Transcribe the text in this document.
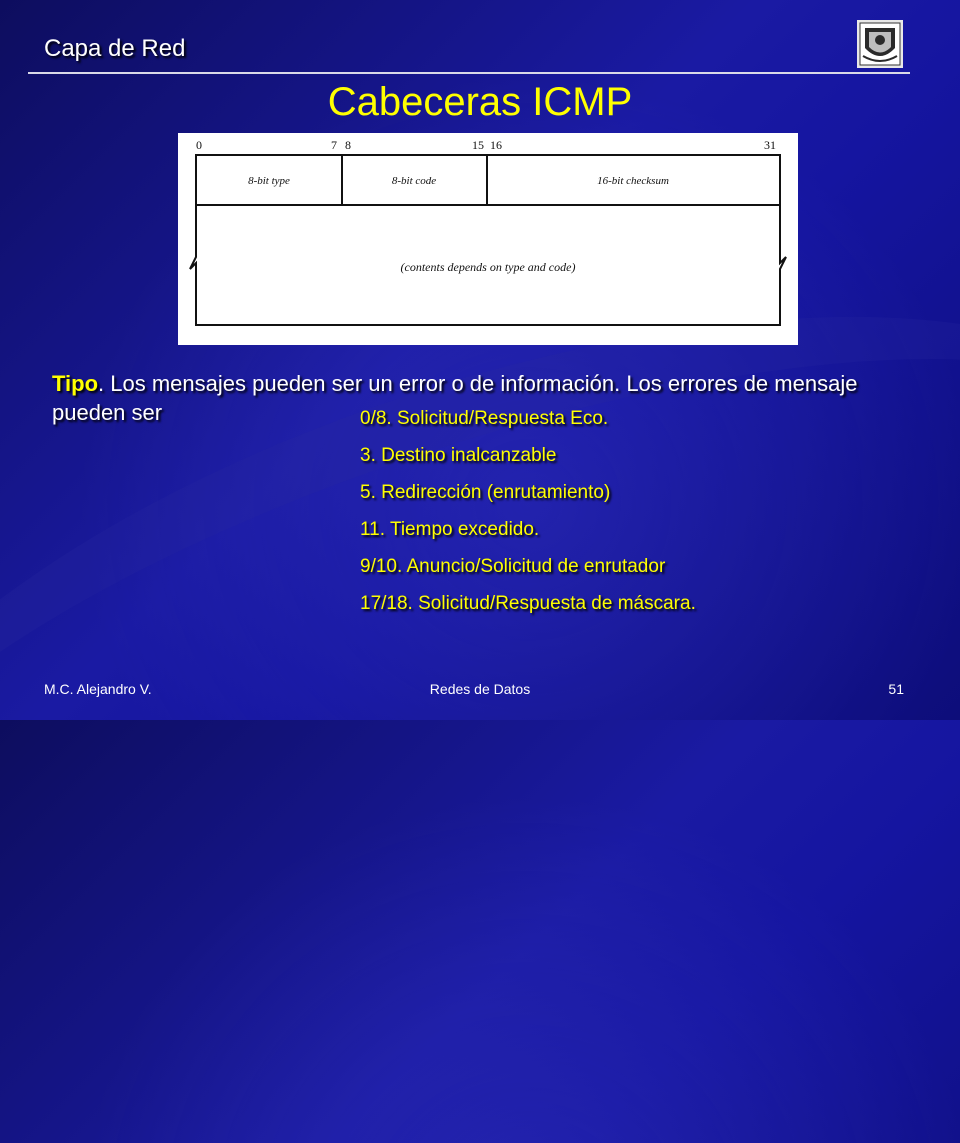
Capa de Red
Cabeceras ICMP
0	7 8	15 16	31
8-bit type	8-bit code	16-bit checksum
(contents depends on type and code)
Tipo. Los mensajes pueden ser un error o de información. Los errores de mensaje pueden ser	0/8. Solicitud/Respuesta Eco.
3. Destino inalcanzable
5. Redirección (enrutamiento)
11. Tiempo excedido.
9/10. Anuncio/Solicitud de enrutador
17/18. Solicitud/Respuesta de máscara.
M.C. Alejandro V.	Redes de Datos	51
